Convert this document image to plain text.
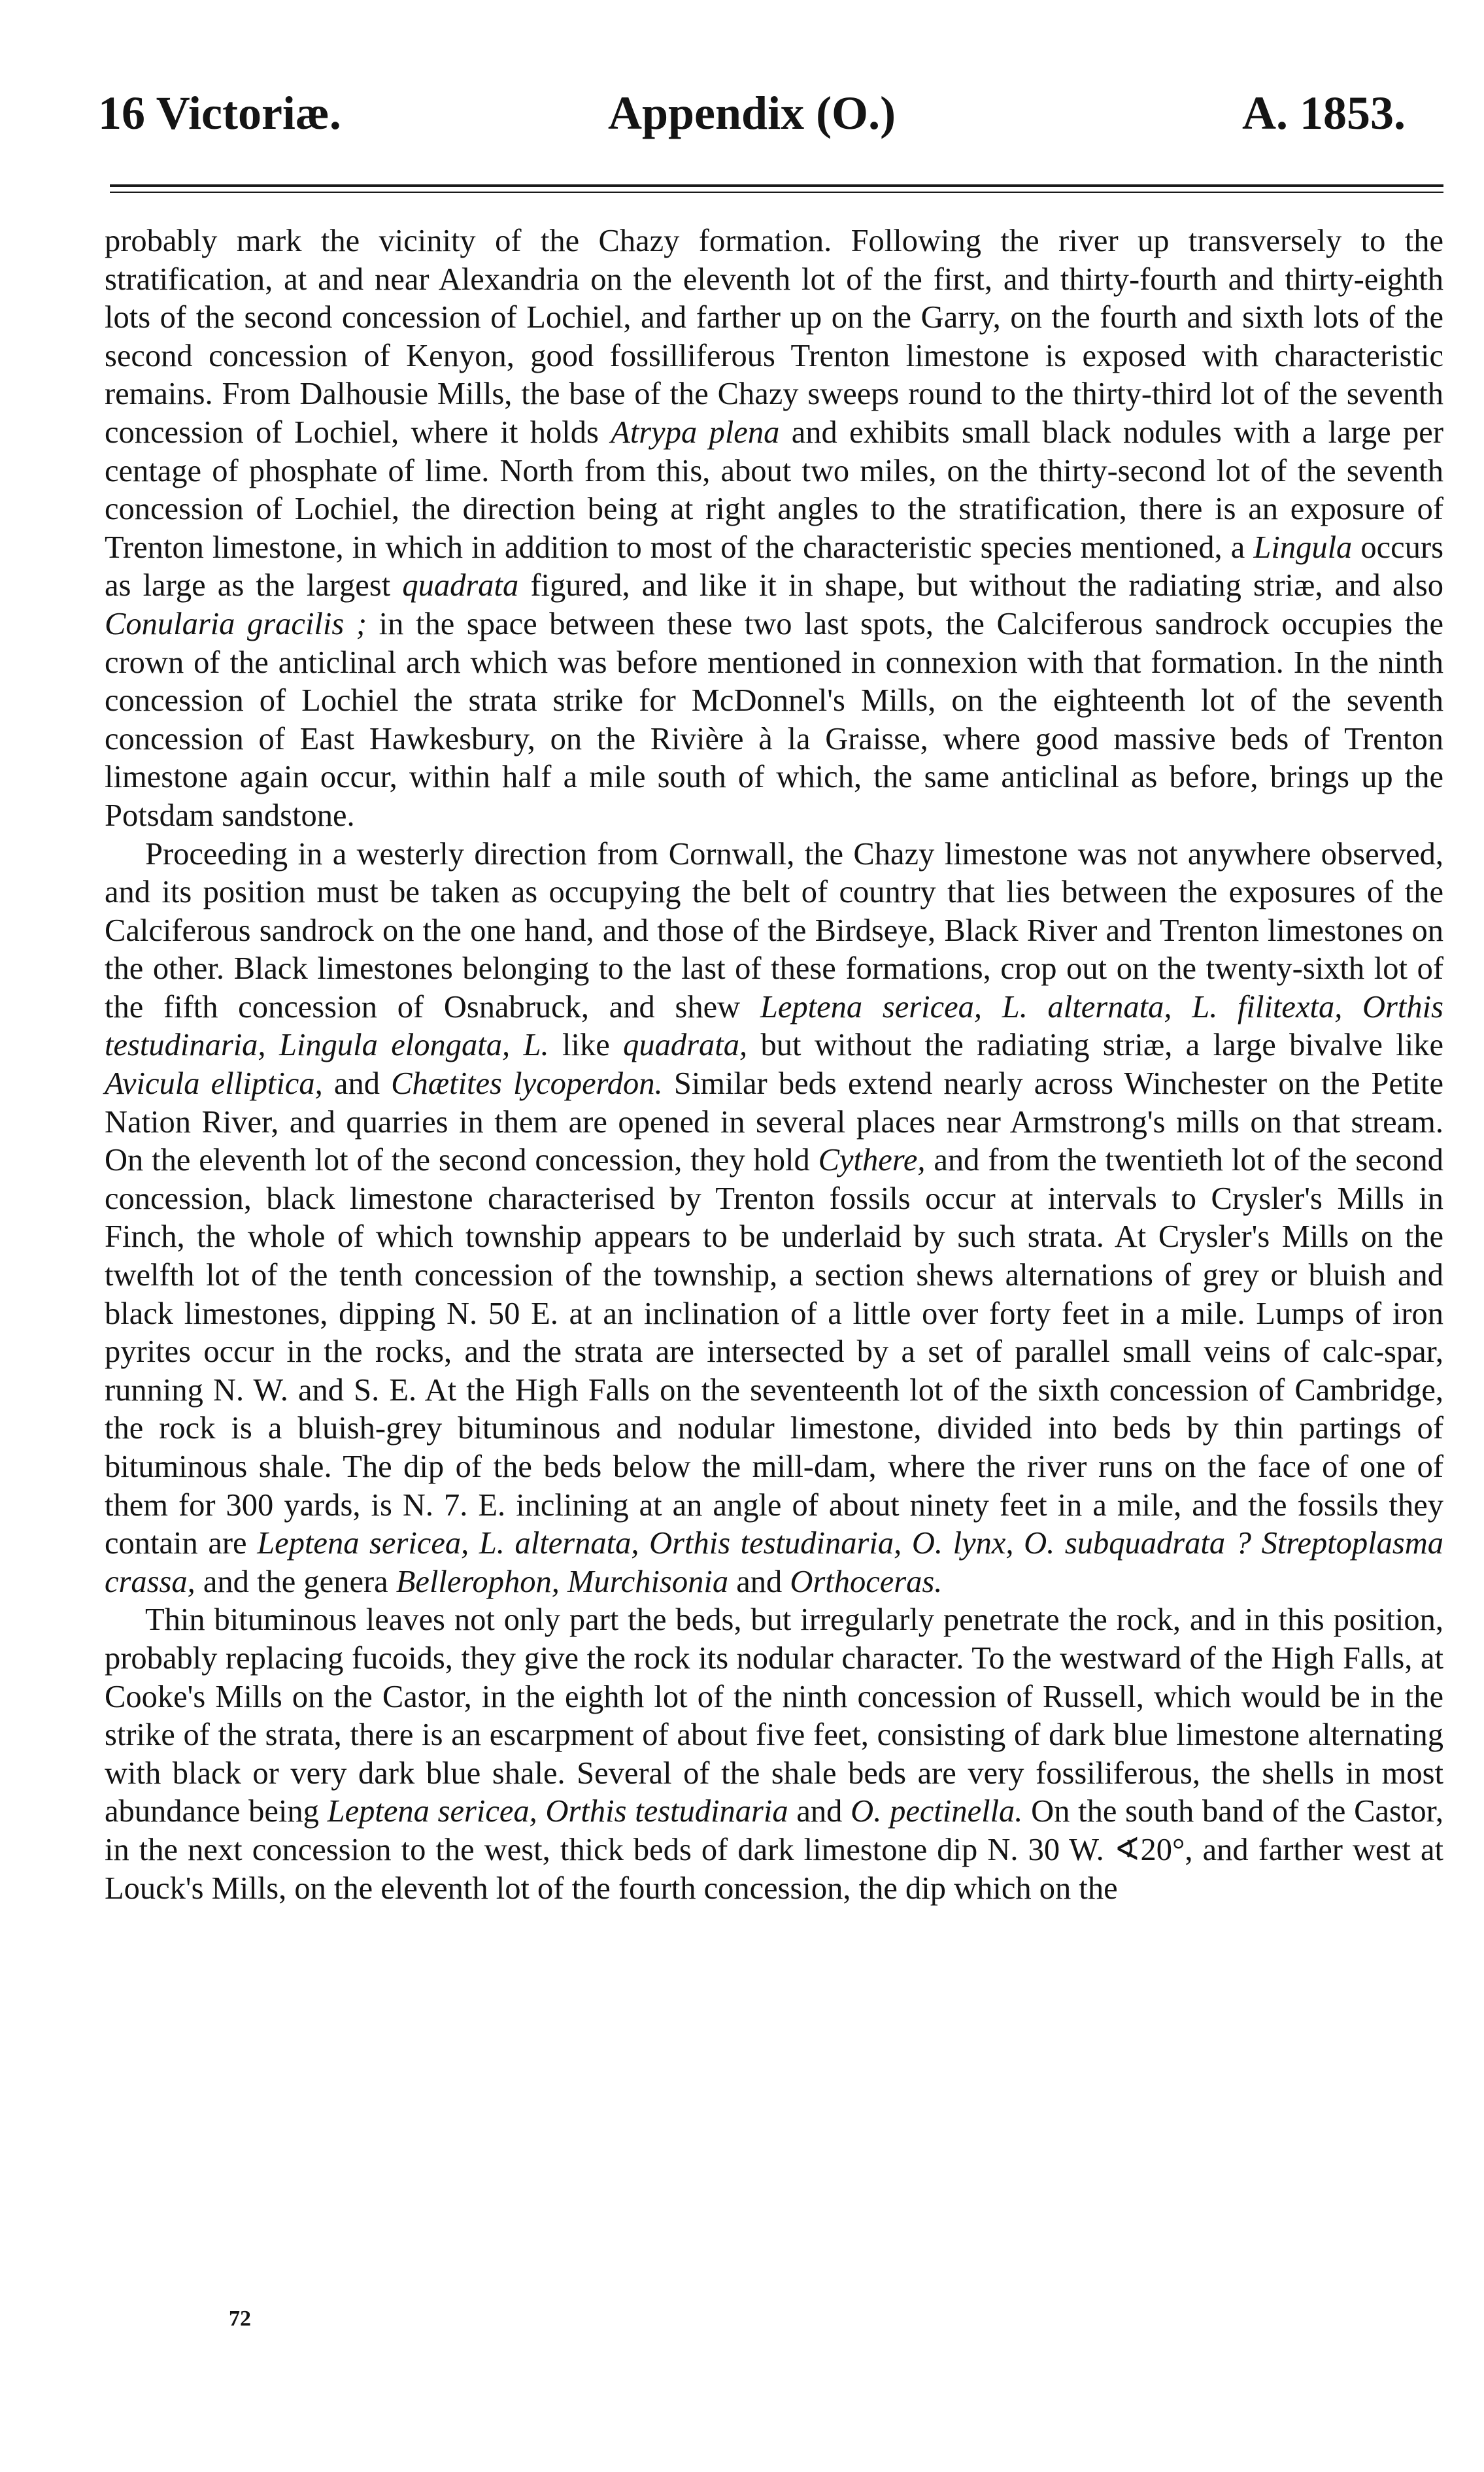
16 Victoriæ.	Appendix (O.)	A. 1853.

probably mark the vicinity of the Chazy formation. Following the river up transversely to the stratification, at and near Alexandria on the eleventh lot of the first, and thirty-fourth and thirty-eighth lots of the second concession of Lochiel, and farther up on the Garry, on the fourth and sixth lots of the second concession of Kenyon, good fossilliferous Trenton limestone is exposed with characteristic remains. From Dalhousie Mills, the base of the Chazy sweeps round to the thirty-third lot of the seventh concession of Lochiel, where it holds Atrypa plena and exhibits small black nodules with a large per centage of phosphate of lime. North from this, about two miles, on the thirty-second lot of the seventh concession of Lochiel, the direction being at right angles to the stratification, there is an exposure of Trenton limestone, in which in addition to most of the characteristic species mentioned, a Lingula occurs as large as the largest quadrata figured, and like it in shape, but without the radiating striæ, and also Conularia gracilis ; in the space between these two last spots, the Calciferous sandrock occupies the crown of the anticlinal arch which was before mentioned in connexion with that formation. In the ninth concession of Lochiel the strata strike for McDonnel's Mills, on the eighteenth lot of the seventh concession of East Hawkesbury, on the Rivière à la Graisse, where good massive beds of Trenton limestone again occur, within half a mile south of which, the same anticlinal as before, brings up the Potsdam sandstone.

Proceeding in a westerly direction from Cornwall, the Chazy limestone was not anywhere observed, and its position must be taken as occupying the belt of country that lies between the exposures of the Calciferous sandrock on the one hand, and those of the Birdseye, Black River and Trenton limestones on the other. Black limestones belonging to the last of these formations, crop out on the twenty-sixth lot of the fifth concession of Osnabruck, and shew Leptena sericea, L. alternata, L. filitexta, Orthis testudinaria, Lingula elongata, L. like quadrata, but without the radiating striæ, a large bivalve like Avicula elliptica, and Chætites lycoperdon. Similar beds extend nearly across Winchester on the Petite Nation River, and quarries in them are opened in several places near Armstrong's mills on that stream. On the eleventh lot of the second concession, they hold Cythere, and from the twentieth lot of the second concession, black limestone characterised by Trenton fossils occur at intervals to Crysler's Mills in Finch, the whole of which township appears to be underlaid by such strata. At Crysler's Mills on the twelfth lot of the tenth concession of the township, a section shews alternations of grey or bluish and black limestones, dipping N. 50 E. at an inclination of a little over forty feet in a mile. Lumps of iron pyrites occur in the rocks, and the strata are intersected by a set of parallel small veins of calc-spar, running N. W. and S. E. At the High Falls on the seventeenth lot of the sixth concession of Cambridge, the rock is a bluish-grey bituminous and nodular limestone, divided into beds by thin partings of bituminous shale. The dip of the beds below the mill-dam, where the river runs on the face of one of them for 300 yards, is N. 7. E. inclining at an angle of about ninety feet in a mile, and the fossils they contain are Leptena sericea, L. alternata, Orthis testudinaria, O. lynx, O. subquadrata ? Streptoplasma crassa, and the genera Bellerophon, Murchisonia and Orthoceras.

Thin bituminous leaves not only part the beds, but irregularly penetrate the rock, and in this position, probably replacing fucoids, they give the rock its nodular character. To the westward of the High Falls, at Cooke's Mills on the Castor, in the eighth lot of the ninth concession of Russell, which would be in the strike of the strata, there is an escarpment of about five feet, consisting of dark blue limestone alternating with black or very dark blue shale. Several of the shale beds are very fossiliferous, the shells in most abundance being Leptena sericea, Orthis testudinaria and O. pectinella. On the south band of the Castor, in the next concession to the west, thick beds of dark limestone dip N. 30 W. ∢20°, and farther west at Louck's Mills, on the eleventh lot of the fourth concession, the dip which on the

72
